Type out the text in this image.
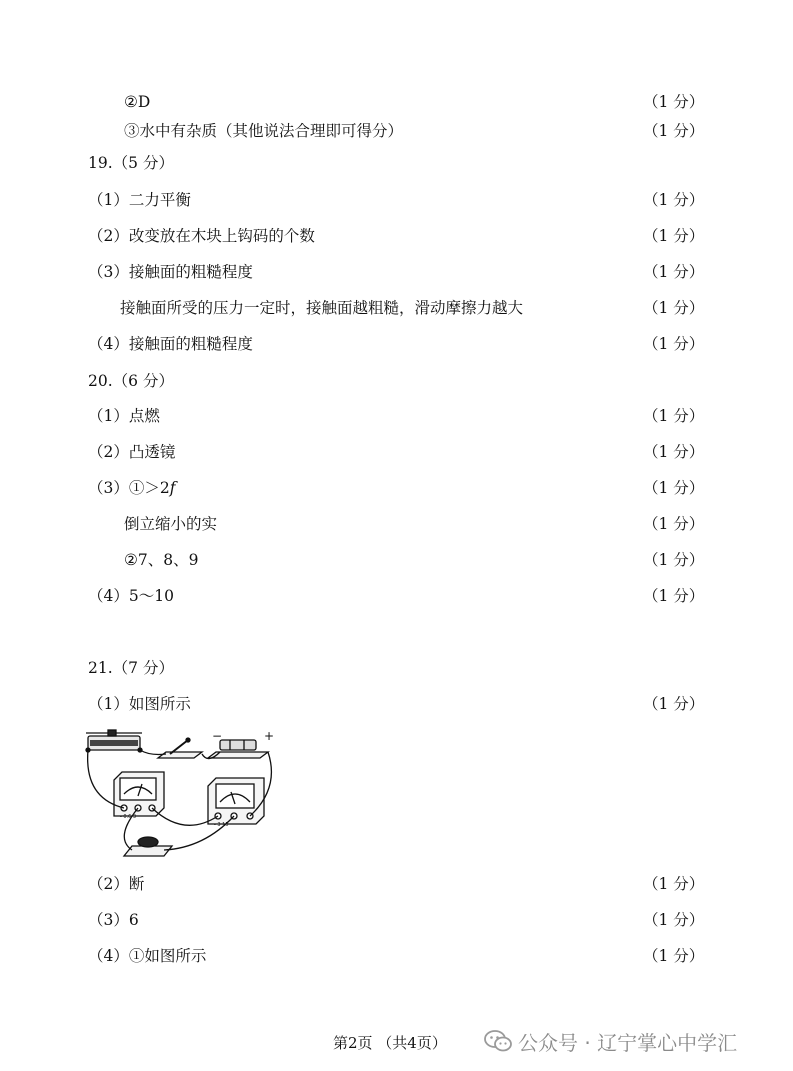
②D	（1 分）
③水中有杂质（其他说法合理即可得分）	（1 分）
19.（5 分）
（1）二力平衡	（1 分）
（2）改变放在木块上钩码的个数	（1 分）
（3）接触面的粗糙程度	（1 分）
接触面所受的压力一定时，接触面越粗糙，滑动摩擦力越大	（1 分）
（4）接触面的粗糙程度	（1 分）
20.（6 分）
（1）点燃	（1 分）
（2）凸透镜	（1 分）
（3）①＞2f	（1 分）
倒立缩小的实	（1 分）
②7、8、9	（1 分）
（4）5～10	（1 分）
21.（7 分）
（1）如图所示	（1 分）
−	+
- 0.6 3
- 3 15
（2）断	（1 分）
（3）6	（1 分）
（4）①如图所示	（1 分）
第2页 （共4页）	公众号 · 辽宁掌心中学汇
